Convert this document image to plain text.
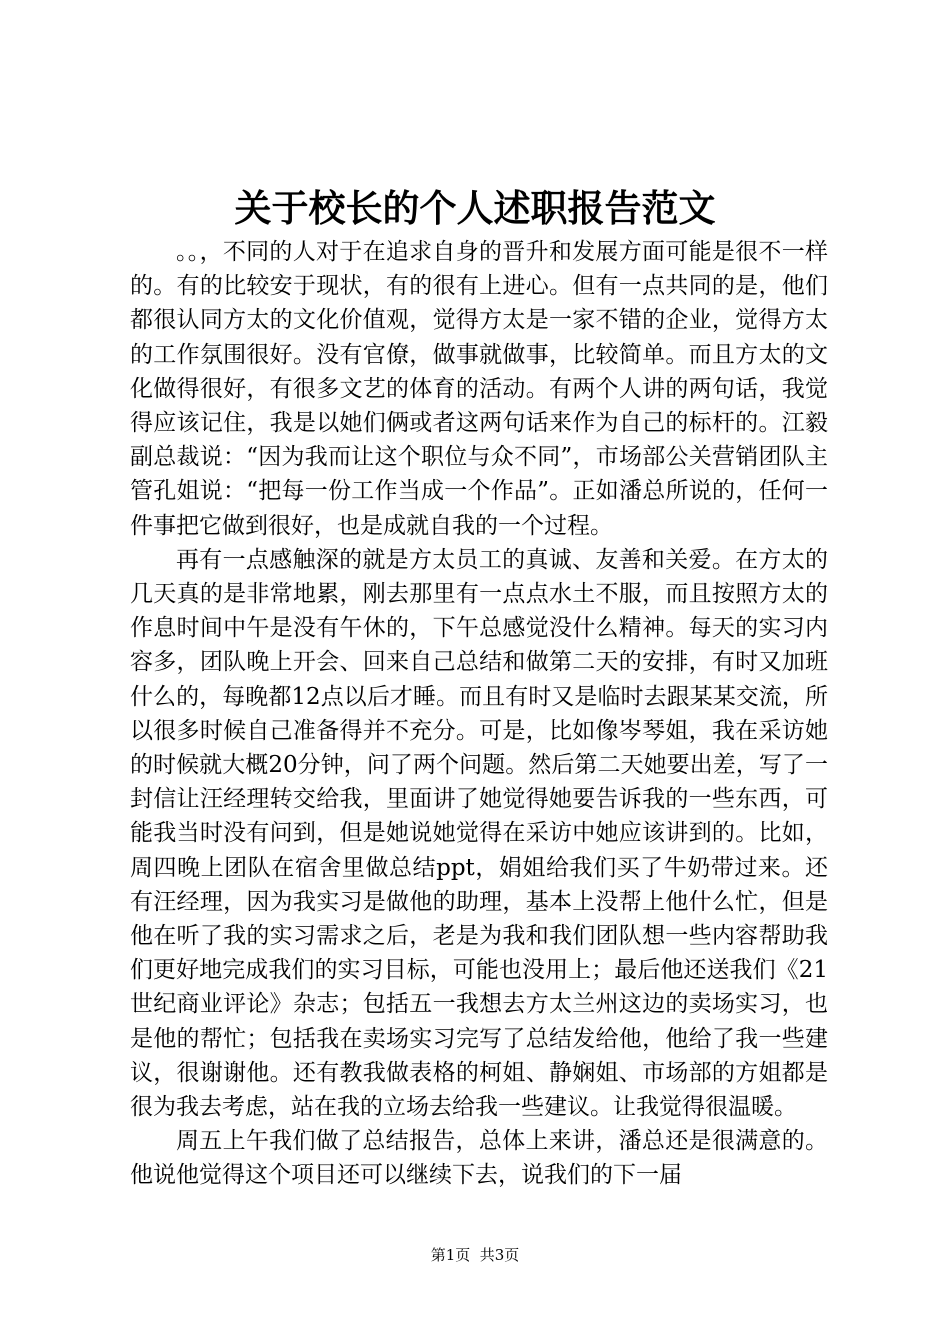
关于校长的个人述职报告范文

。。，不同的人对于在追求自身的晋升和发展方面可能是很不一样的。有的比较安于现状，有的很有上进心。但有一点共同的是，他们都很认同方太的文化价值观，觉得方太是一家不错的企业，觉得方太的工作氛围很好。没有官僚，做事就做事，比较简单。而且方太的文化做得很好，有很多文艺的体育的活动。有两个人讲的两句话，我觉得应该记住，我是以她们俩或者这两句话来作为自己的标杆的。江毅副总裁说：“因为我而让这个职位与众不同”，市场部公关营销团队主管孔姐说：“把每一份工作当成一个作品”。正如潘总所说的，任何一件事把它做到很好，也是成就自我的一个过程。

再有一点感触深的就是方太员工的真诚、友善和关爱。在方太的几天真的是非常地累，刚去那里有一点点水土不服，而且按照方太的作息时间中午是没有午休的，下午总感觉没什么精神。每天的实习内容多，团队晚上开会、回来自己总结和做第二天的安排，有时又加班什么的，每晚都12点以后才睡。而且有时又是临时去跟某某交流，所以很多时候自己准备得并不充分。可是，比如像岑琴姐，我在采访她的时候就大概20分钟，问了两个问题。然后第二天她要出差，写了一封信让汪经理转交给我，里面讲了她觉得她要告诉我的一些东西，可能我当时没有问到，但是她说她觉得在采访中她应该讲到的。比如，周四晚上团队在宿舍里做总结ppt，娟姐给我们买了牛奶带过来。还有汪经理，因为我实习是做他的助理，基本上没帮上他什么忙，但是他在听了我的实习需求之后，老是为我和我们团队想一些内容帮助我们更好地完成我们的实习目标，可能也没用上；最后他还送我们《21世纪商业评论》杂志；包括五一我想去方太兰州这边的卖场实习，也是他的帮忙；包括我在卖场实习完写了总结发给他，他给了我一些建议，很谢谢他。还有教我做表格的柯姐、静娴姐、市场部的方姐都是很为我去考虑，站在我的立场去给我一些建议。让我觉得很温暖。

周五上午我们做了总结报告，总体上来讲，潘总还是很满意的。他说他觉得这个项目还可以继续下去，说我们的下一届

第1页  共3页
